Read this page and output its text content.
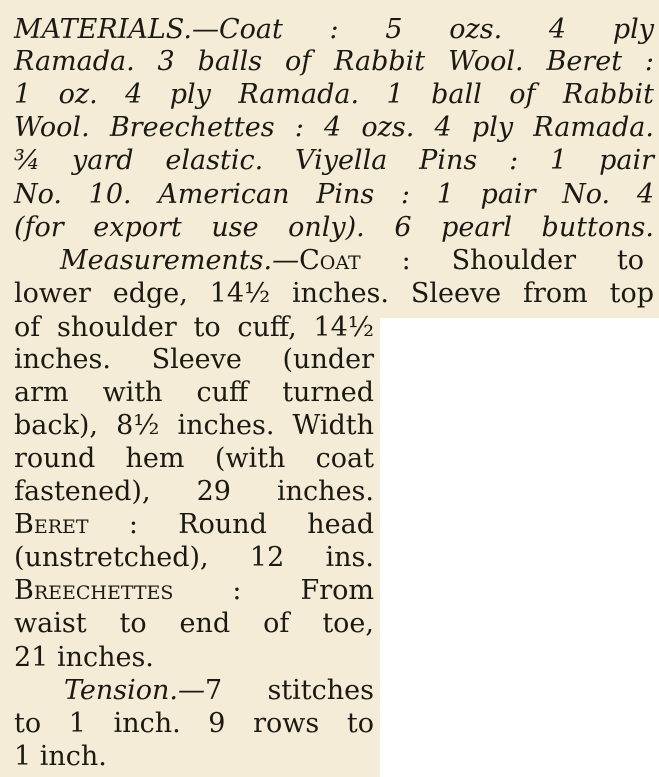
MATERIALS.—Coat : 5 ozs. 4 ply
Ramada. 3 balls of Rabbit Wool. Beret :
1 oz. 4 ply Ramada. 1 ball of Rabbit
Wool. Breechettes : 4 ozs. 4 ply Ramada.
¾ yard elastic. Viyella Pins : 1 pair
No. 10. American Pins : 1 pair No. 4
(for export use only). 6 pearl buttons.
Measurements.—Coat : Shoulder to
lower edge, 14½ inches. Sleeve from top
of shoulder to cuff, 14½
inches. Sleeve (under
arm with cuff turned
back), 8½ inches. Width
round hem (with coat
fastened), 29 inches.
Beret : Round head
(unstretched), 12 ins.
Breechettes : From
waist to end of toe,
21 inches.
Tension.—7 stitches
to 1 inch. 9 rows to
1 inch.
